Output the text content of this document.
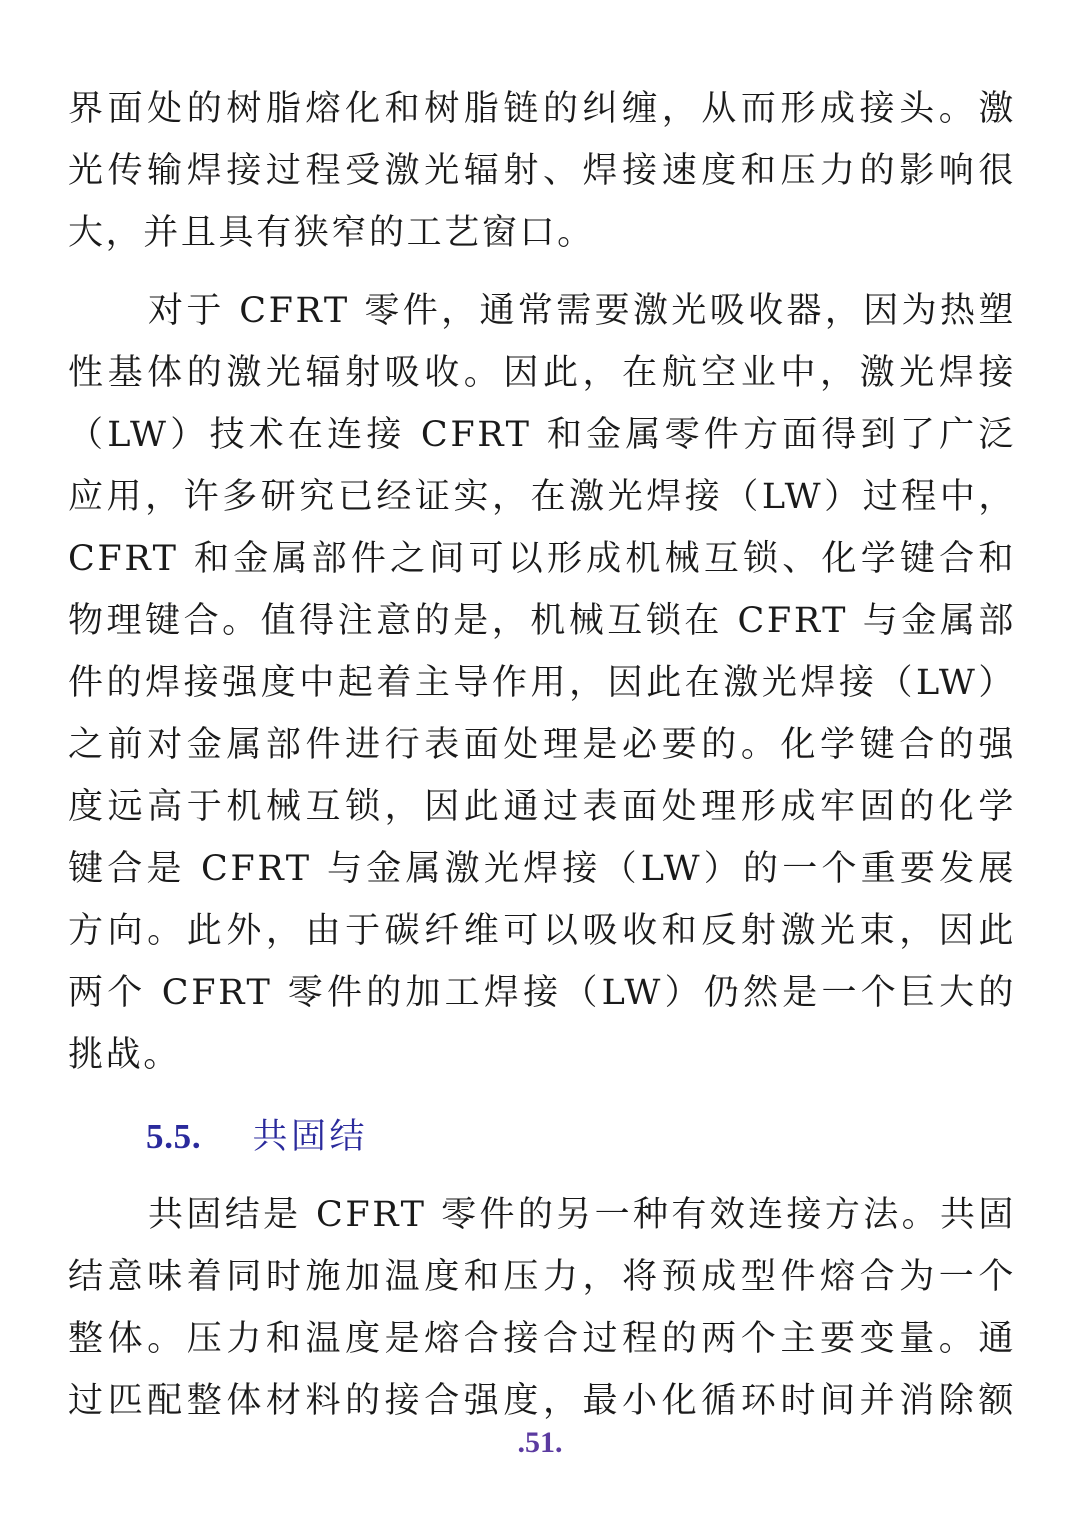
界面处的树脂熔化和树脂链的纠缠，从而形成接头。激
光传输焊接过程受激光辐射、焊接速度和压力的影响很
大，并且具有狭窄的工艺窗口。
对于 CFRT 零件，通常需要激光吸收器，因为热塑
性基体的激光辐射吸收。因此，在航空业中，激光焊接
（LW）技术在连接 CFRT 和金属零件方面得到了广泛
应用，许多研究已经证实，在激光焊接（LW）过程中，
CFRT 和金属部件之间可以形成机械互锁、化学键合和
物理键合。值得注意的是，机械互锁在 CFRT 与金属部
件的焊接强度中起着主导作用，因此在激光焊接（LW）
之前对金属部件进行表面处理是必要的。化学键合的强
度远高于机械互锁，因此通过表面处理形成牢固的化学
键合是 CFRT 与金属激光焊接（LW）的一个重要发展
方向。此外，由于碳纤维可以吸收和反射激光束，因此
两个 CFRT 零件的加工焊接（LW）仍然是一个巨大的
挑战。
5.5. 共固结
共固结是 CFRT 零件的另一种有效连接方法。共固
结意味着同时施加温度和压力，将预成型件熔合为一个
整体。压力和温度是熔合接合过程的两个主要变量。通
过匹配整体材料的接合强度，最小化循环时间并消除额
.51.
